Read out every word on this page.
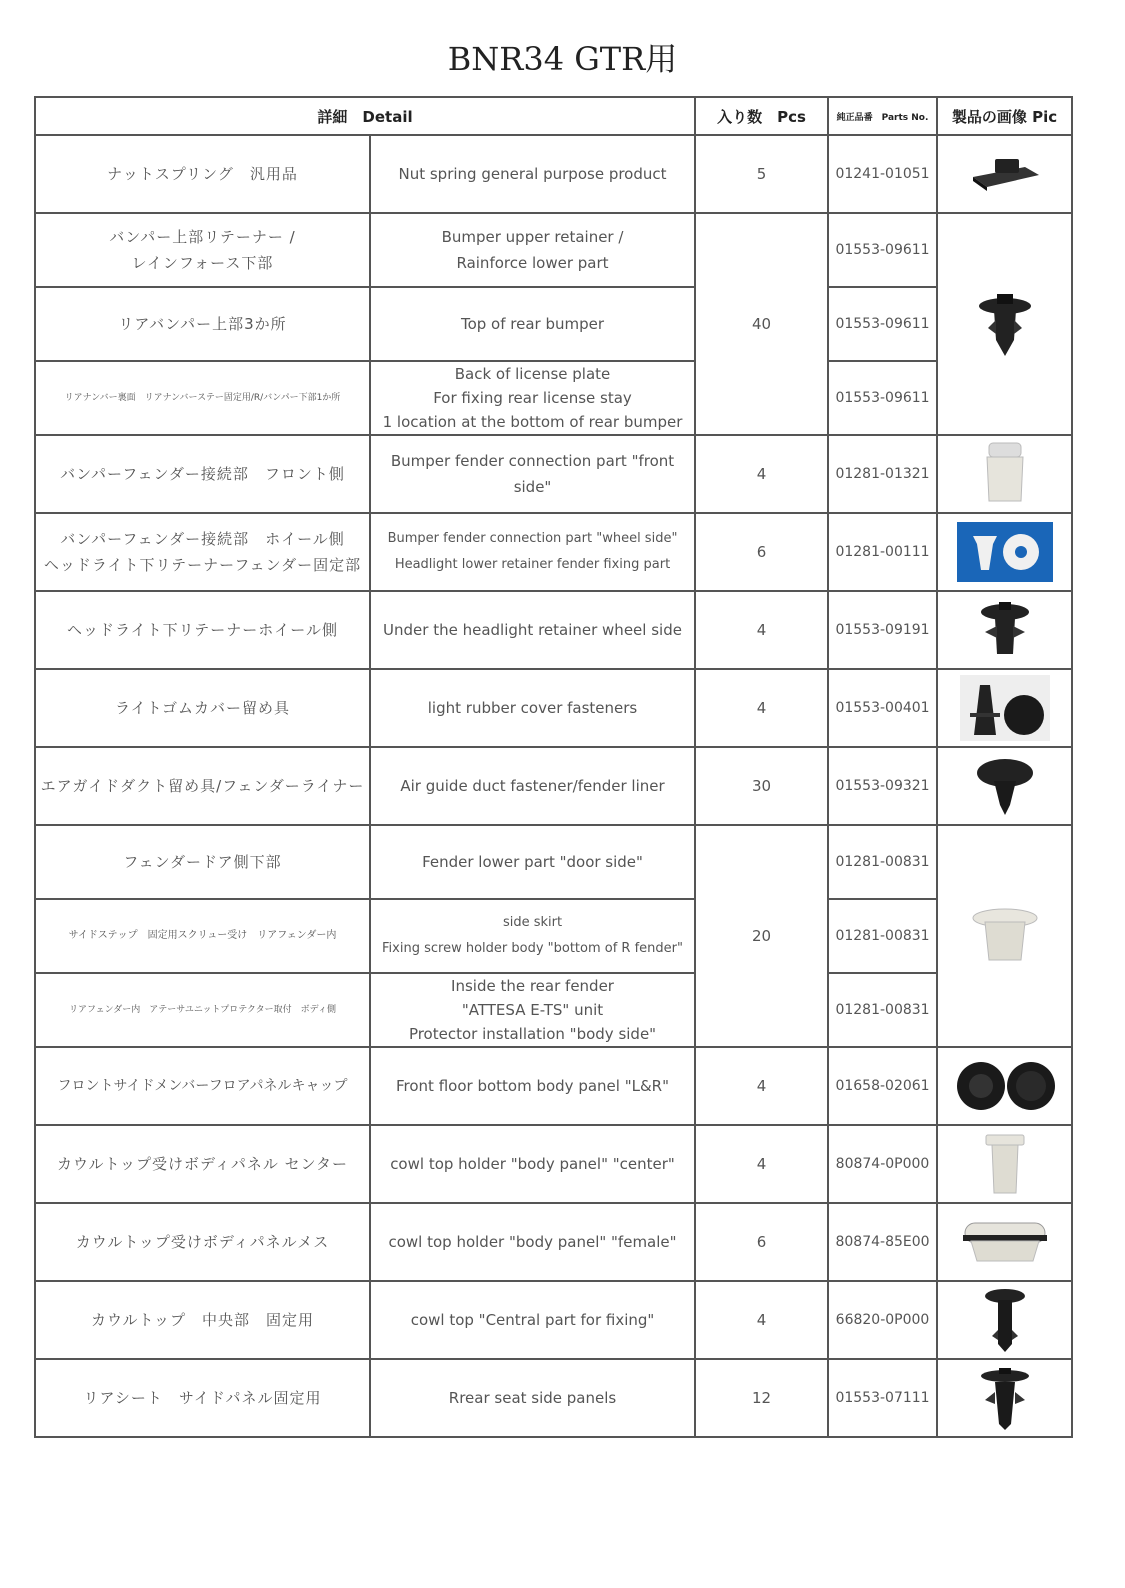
BNR34 GTR用
詳細　Detail		入り数　Pcs	純正品番　Parts No.	製品の画像 Pic

ナットスプリング　汎用品	Nut spring general purpose product	5	01241-01051	

バンパー上部リテーナー /
レインフォース下部	Bumper upper retainer /
Rainforce lower part	40	01553-09611	

リアバンパー上部3か所	Top of rear bumper		01553-09611	

リアナンバー裏面　リアナンバーステー固定用/R/バンパー下部1か所	Back of license plate
For fixing rear license stay
1 location at the bottom of rear bumper		01553-09611	

バンパーフェンダー接続部　フロント側	Bumper fender connection part "front side"	4	01281-01321	

バンパーフェンダー接続部　ホイール側
ヘッドライト下リテーナーフェンダー固定部	Bumper fender connection part "wheel side"
Headlight lower retainer fender fixing part	6	01281-00111	

ヘッドライト下リテーナーホイール側	Under the headlight retainer wheel side	4	01553-09191	

ライトゴムカバー留め具	light rubber cover fasteners	4	01553-00401	

エアガイドダクト留め具/フェンダーライナー	Air guide duct fastener/fender liner	30	01553-09321	

フェンダードア側下部	Fender lower part "door side"	20	01281-00831	

サイドステップ　固定用スクリュー受け　リアフェンダー内	side skirt
Fixing screw holder body "bottom of R fender"		01281-00831	

リアフェンダー内　アテーサユニットプロテクター取付　ボディ側	Inside the rear fender
"ATTESA E-TS" unit
Protector installation "body side"		01281-00831	

フロントサイドメンバーフロアパネルキャップ	Front floor bottom body panel "L&R"	4	01658-02061	

カウルトップ受けボディパネル センター	cowl top holder "body panel" "center"	4	80874-0P000	

カウルトップ受けボディパネルメス	cowl top holder "body panel" "female"	6	80874-85E00	

カウルトップ　中央部　固定用	cowl top "Central part for fixing"	4	66820-0P000	

リアシート　サイドパネル固定用	Rrear seat side panels	12	01553-07111	
